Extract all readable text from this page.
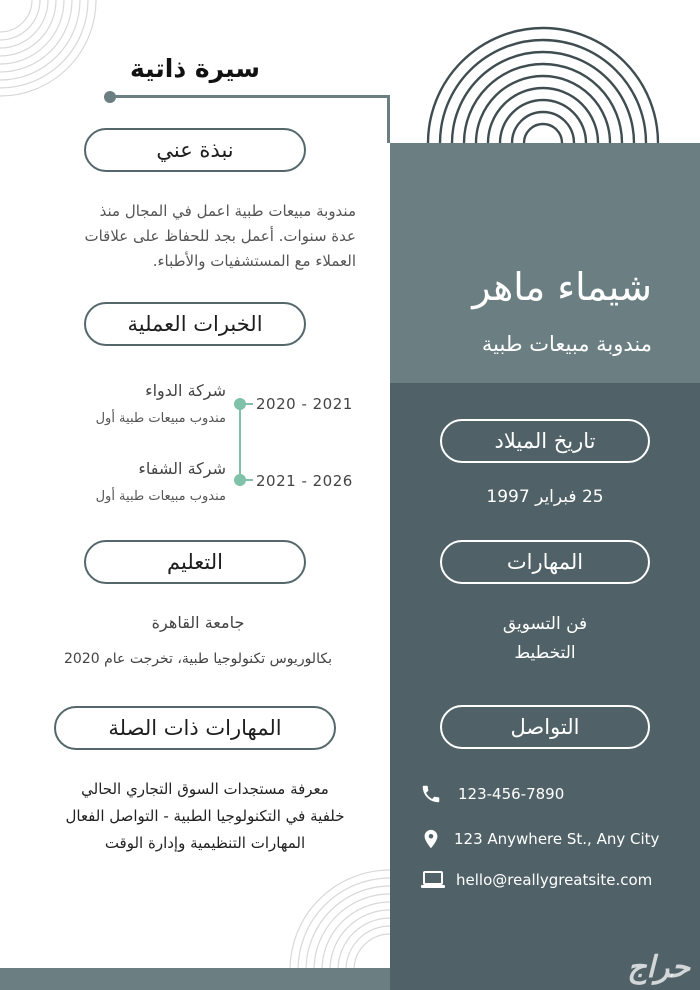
سيرة ذاتية
نبذة عني
مندوبة مبيعات طبية اعمل في المجال منذ
عدة سنوات. أعمل بجد للحفاظ على علاقات
العملاء مع المستشفيات والأطباء.
الخبرات العملية
شركة الدواء
مندوب مبيعات طبية أول
شركة الشفاء
مندوب مبيعات طبية أول
2020 - 2021
2021 - 2026
التعليم
جامعة القاهرة
بكالوريوس تكنولوجيا طبية، تخرجت عام 2020
المهارات ذات الصلة
معرفة مستجدات السوق التجاري الحالي
خلفية في التكنولوجيا الطبية - التواصل الفعال
المهارات التنظيمية وإدارة الوقت
شيماء ماهر
مندوبة مبيعات طبية
تاريخ الميلاد
25 فبراير 1997
المهارات
فن التسويق
التخطيط
التواصل
123-456-7890
123 Anywhere St., Any City
hello@reallygreatsite.com
حراج
